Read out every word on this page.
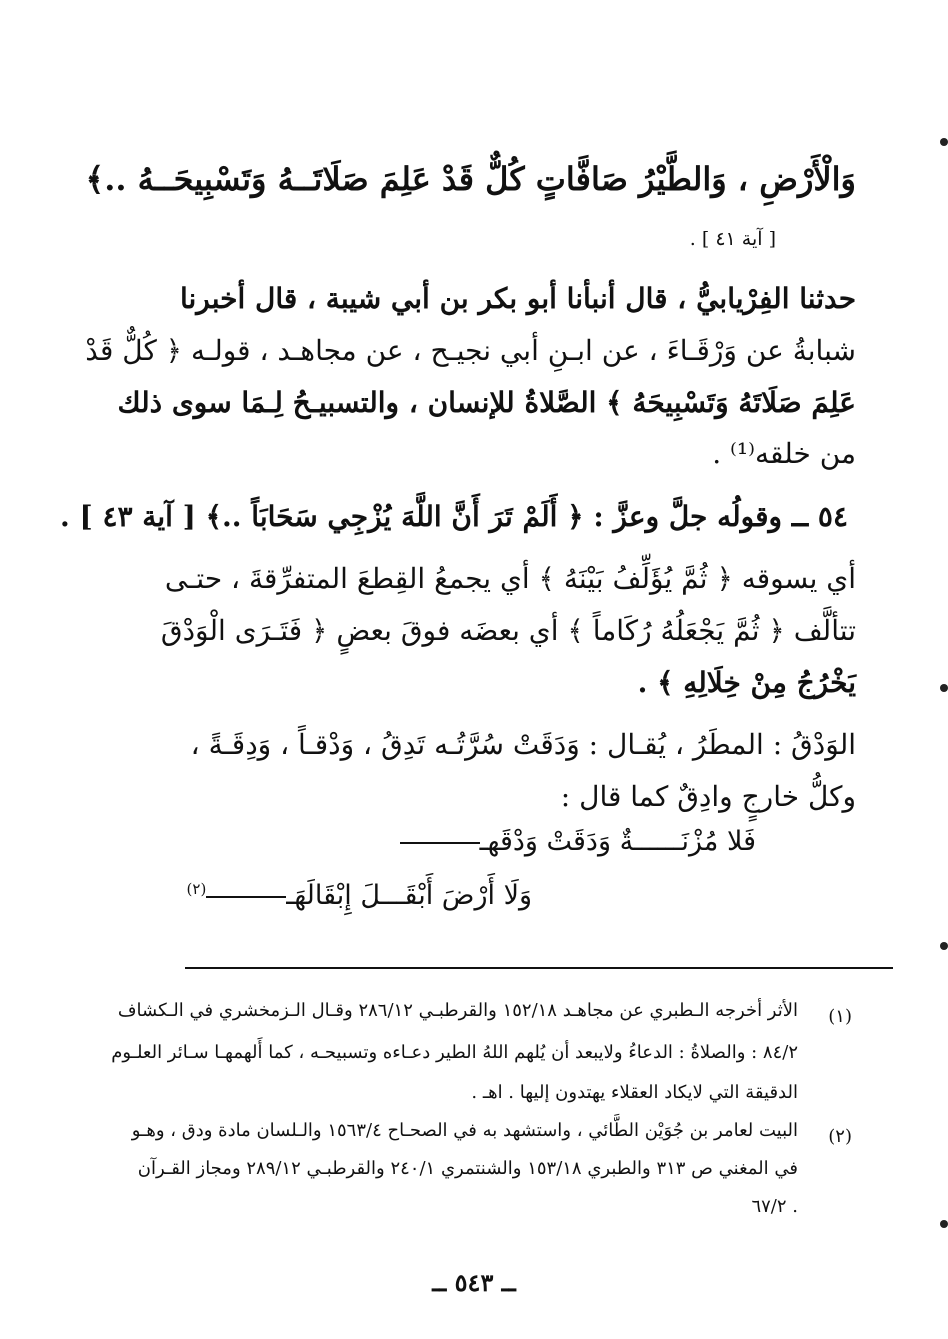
وَالْأَرْضِ ، وَالطَّيْرُ صَافَّاتٍ كُلٌّ قَدْ عَلِمَ صَلَاتَــهُ وَتَسْبِيحَــهُ ..﴾
[ آية ٤١ ] .
حدثنا الفِرْيابيُّ ، قال أنبأنا أبو بكر بن أبي شيبة ، قال أخبرنا
شبابةُ عن وَرْقَـاءَ ، عن ابـنِ أبي نجيـح ، عن مجاهـد ، قولـه ﴿ كُلٌّ قَدْ
عَلِمَ صَلَاتَهُ وَتَسْبِيحَهُ ﴾ الصَّلاةُ للإنسان ، والتسبيـحُ لِـمَا سوى ذلك
من خلقه⁽¹⁾ .
٥٤ ــ وقولُه جلَّ وعزَّ : ﴿ أَلَمْ تَرَ أَنَّ اللَّهَ يُزْجِي سَحَابَاً ..﴾ [ آية ٤٣ ] .
أي يسوقه ﴿ ثُمَّ يُؤَلِّفُ بَيْنَهُ ﴾ أي يجمعُ القِطعَ المتفرِّقةَ ، حتـى
تتألَّف ﴿ ثُمَّ يَجْعَلُهُ رُكَاماً ﴾ أي بعضَه فوقَ بعضٍ ﴿ فَتَـرَى الْوَدْقَ
يَخْرُجُ مِنْ خِلَالِهِ ﴾ .
الوَدْقُ : المطَرُ ، يُقـال : وَدَقَتْ سُرَّتُـه تَدِقُ ، وَدْقـاً ، وَدِقَـةً ،
وكلُّ خارجٍ وادِقٌ كما قال :
فَلا مُزْنَــــــةٌ وَدَقَتْ وَدْقَهـ
وَلَا أَرْضَ أَبْقَـــلَ إِبْقَالَهَـ$^{(٢)}$
(١)
الأثر أخرجه الـطبري عن مجاهـد ١٥٢/١٨ والقرطبـي ٢٨٦/١٢ وقـال الـزمخشري في الـكشاف
٨٤/٢ : والصلاةُ : الدعاءُ ولايبعد أن يُلهم اللهُ الطير دعـاءه وتسبيحـه ، كما أَلهمهـا سـائر العلـوم
الدقيقة التي لايكاد العقلاء يهتدون إليها . اهـ .
(٢)
البيت لعامر بن جُوَيْن الطَّائي ، واستشهد به في الصحـاح ١٥٦٣/٤ والـلسان مادة ودق ، وهـو
في المغني ص ٣١٣ والطبري ١٥٣/١٨ والشنتمري ٢٤٠/١ والقرطبـي ٢٨٩/١٢ ومجاز القـرآن
. ٦٧/٢
ــ ٥٤٣ ــ
